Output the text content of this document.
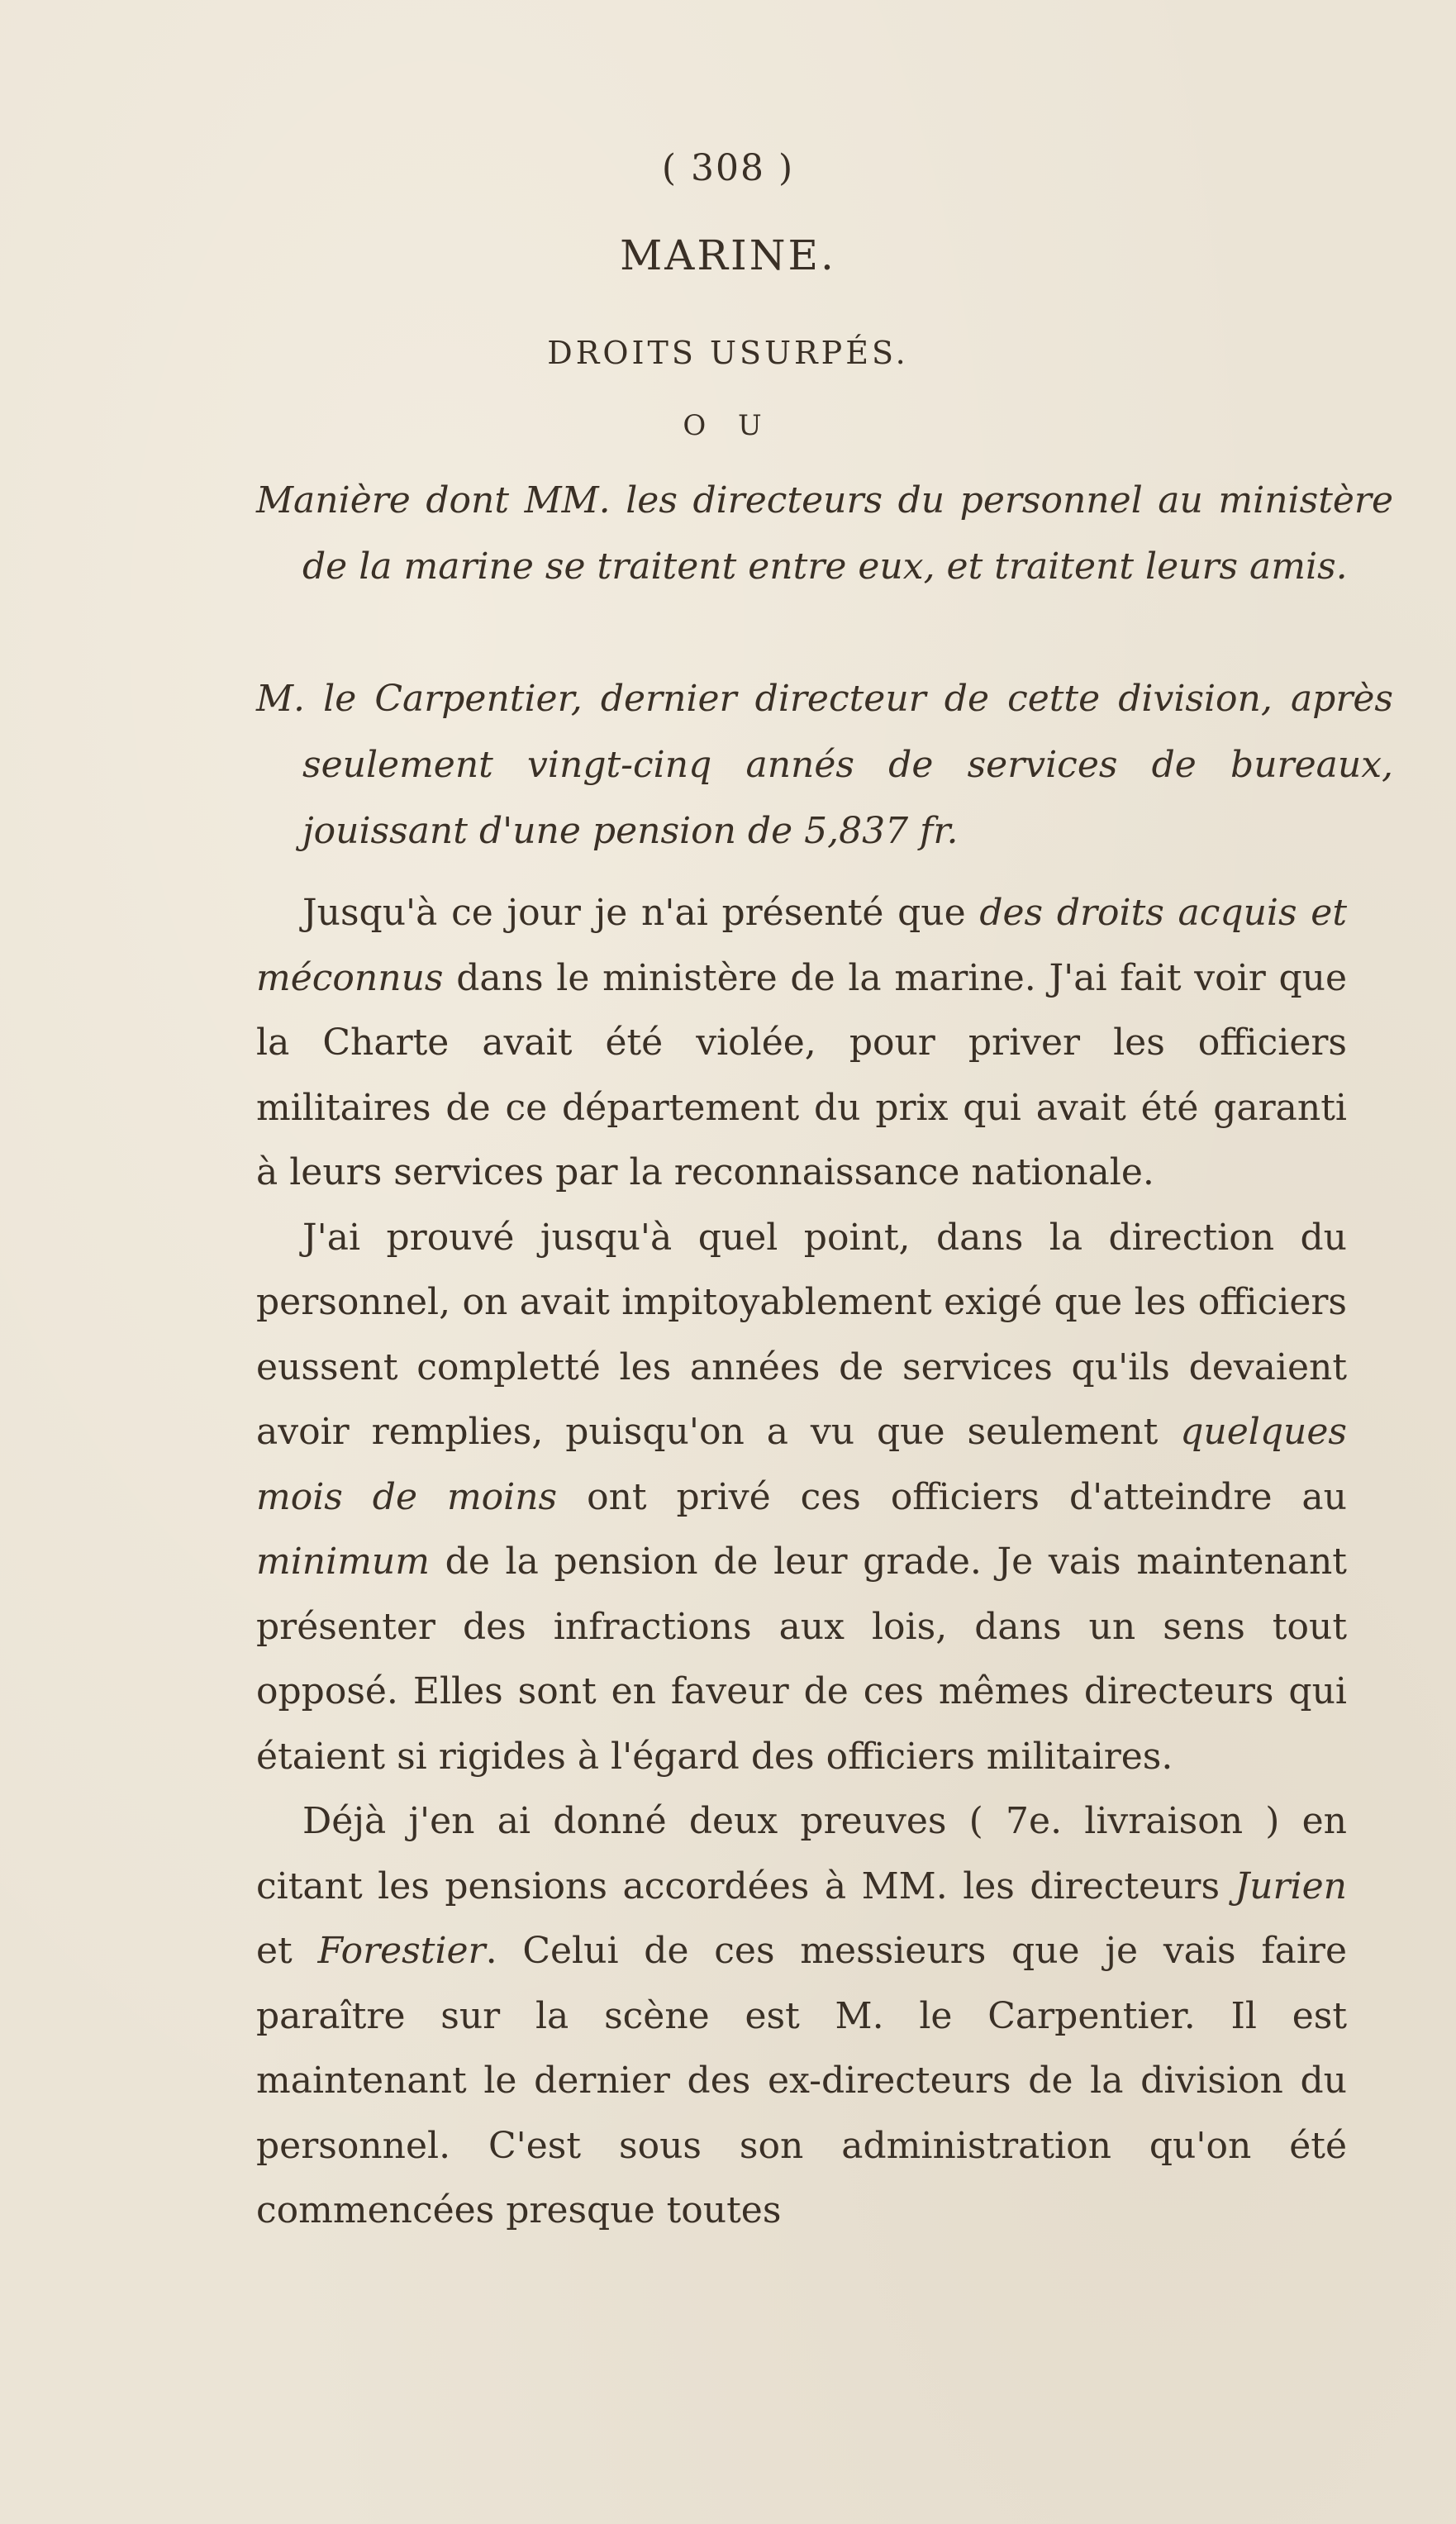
( 308 )
MARINE.
DROITS USURPÉS.
O U
Manière dont MM. les directeurs du personnel au ministère de la marine se traitent entre eux, et traitent leurs amis.
M. le Carpentier, dernier directeur de cette division, après seulement vingt-cinq annés de services de bureaux, jouissant d'une pension de 5,837 fr.

Jusqu'à ce jour je n'ai présenté que des droits acquis et méconnus dans le ministère de la marine. J'ai fait voir que la Charte avait été violée, pour priver les officiers militaires de ce département du prix qui avait été garanti à leurs services par la reconnaissance nationale.

J'ai prouvé jusqu'à quel point, dans la direction du personnel, on avait impitoyablement exigé que les officiers eussent completté les années de services qu'ils devaient avoir remplies, puisqu'on a vu que seulement quelques mois de moins ont privé ces officiers d'atteindre au minimum de la pension de leur grade. Je vais maintenant présenter des infractions aux lois, dans un sens tout opposé. Elles sont en faveur de ces mêmes directeurs qui étaient si rigides à l'égard des officiers militaires.

Déjà j'en ai donné deux preuves ( 7e. livraison ) en citant les pensions accordées à MM. les directeurs Jurien et Forestier. Celui de ces messieurs que je vais faire paraître sur la scène est M. le Carpentier. Il est maintenant le dernier des ex-directeurs de la division du personnel. C'est sous son administration qu'on été commencées presque toutes
